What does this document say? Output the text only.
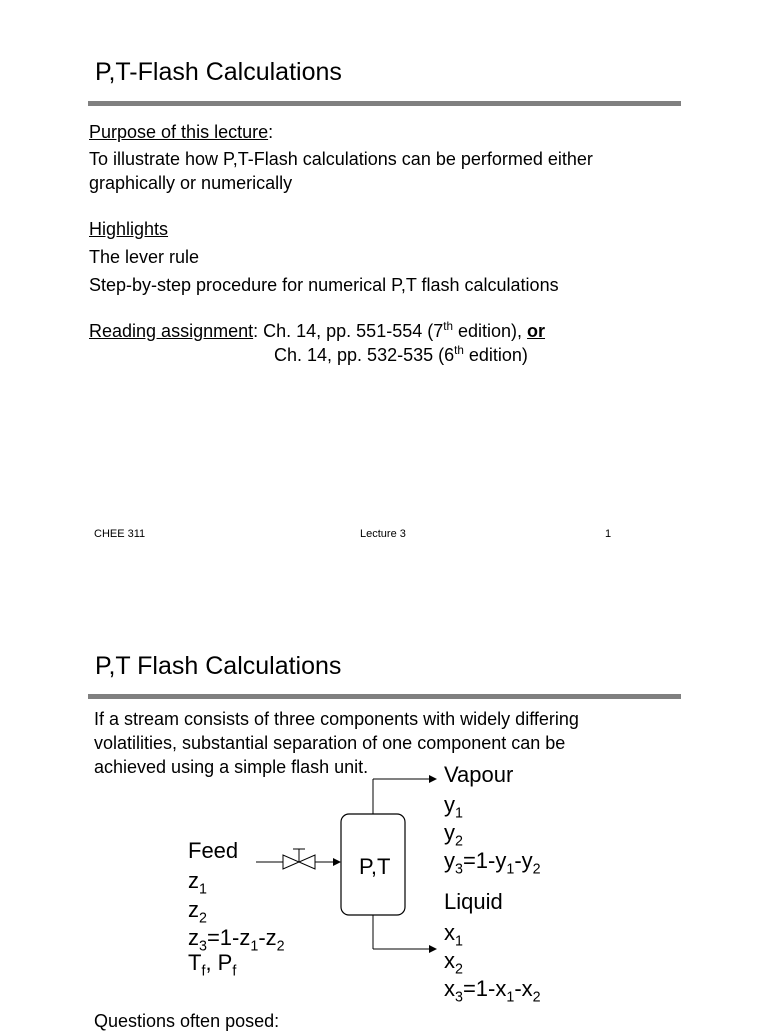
P,T-Flash Calculations
Purpose of this lecture:
To illustrate how P,T-Flash calculations can be performed either
graphically or numerically
Highlights
The lever rule
Step-by-step procedure for numerical P,T flash calculations
Reading assignment: Ch. 14, pp. 551-554 (7th edition), or
Ch. 14, pp. 532-535 (6th edition)
CHEE 311	Lecture 3	1
P,T Flash Calculations
If a stream consists of three components with widely differing
volatilities, substantial separation of one component can be
achieved using a simple flash unit.
P,T
Feed
$z_1$
$z_2$
$z_3=1-z_1-z_2$
$T_f$, $P_f$
Vapour
$y_1$
$y_2$
$y_3=1-y_1-y_2$
Liquid
$x_1$
$x_2$
$x_3=1-x_1-x_2$
Questions often posed:
